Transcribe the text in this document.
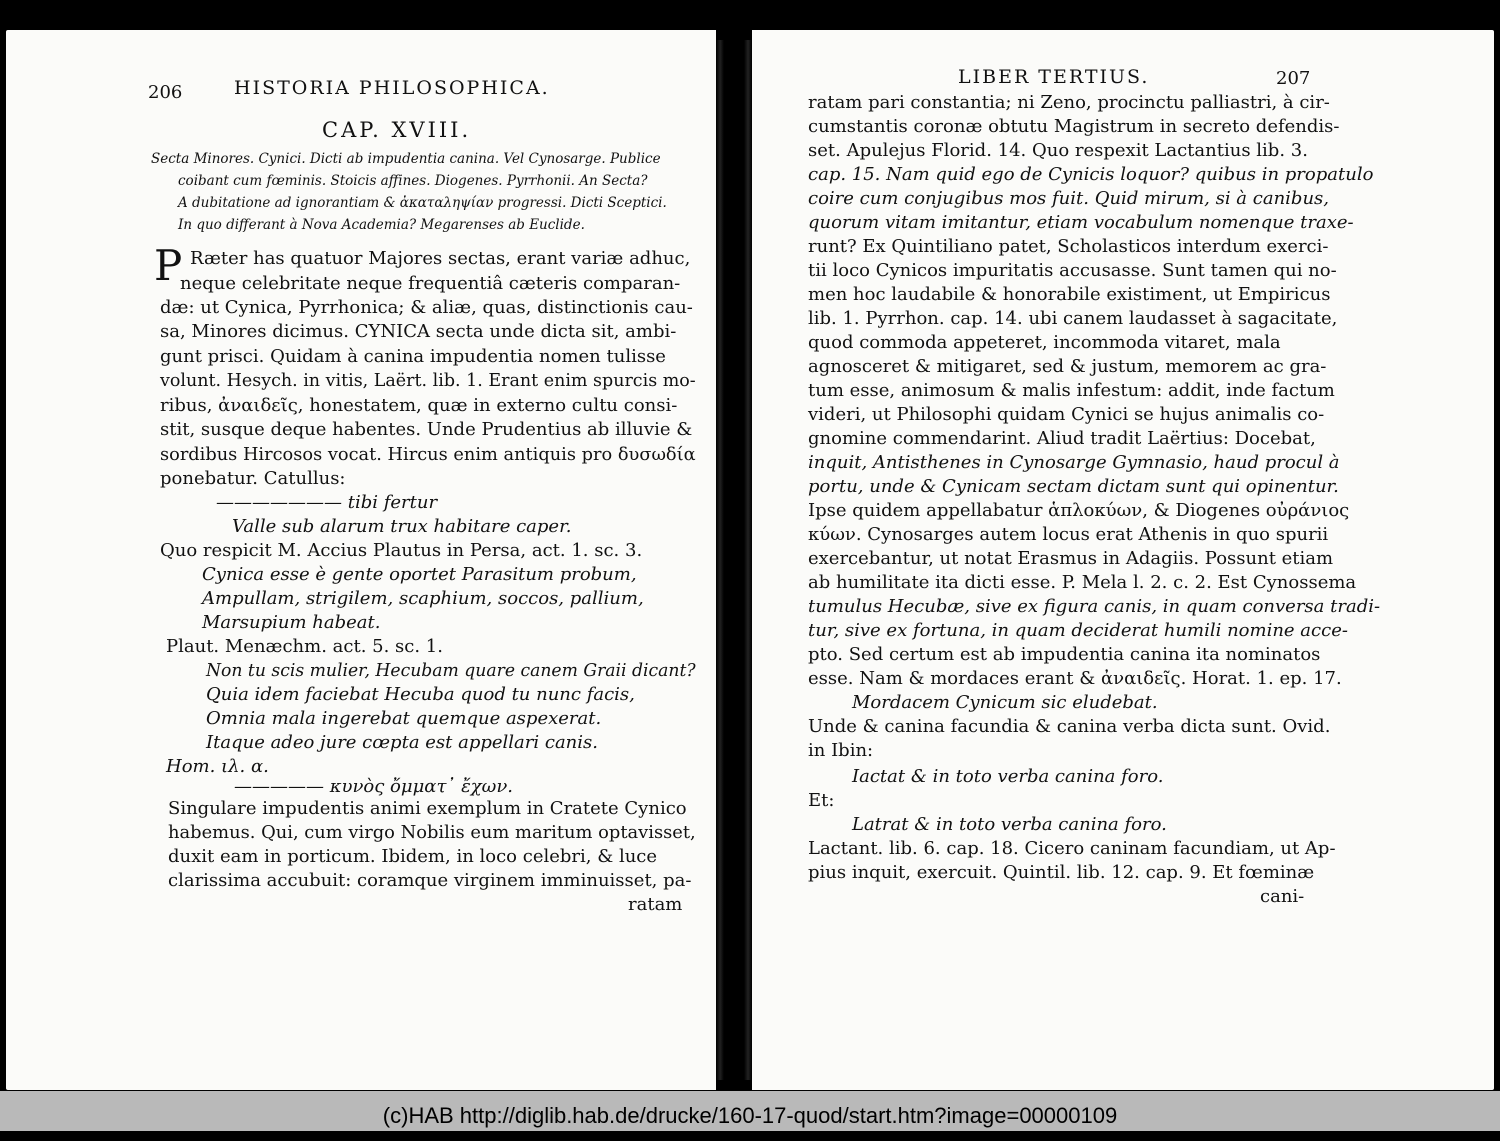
206	HISTORIA PHILOSOPHICA.
CAP. XVIII.
Secta Minores. Cynici. Dicti ab impudentia canina. Vel Cynosarge. Publice
coibant cum fœminis. Stoicis affines. Diogenes. Pyrrhonii. An Secta?
A dubitatione ad ignorantiam & ἀκαταληψίαν progressi. Dicti Sceptici.
In quo differant à Nova Academia? Megarenses ab Euclide.
P Ræter has quatuor Majores sectas, erant variæ adhuc,
neque celebritate neque frequentiâ cæteris comparan-
dæ: ut Cynica, Pyrrhonica; & aliæ, quas, distinctionis cau-
sa, Minores dicimus. CYNICA secta unde dicta sit, ambi-
gunt prisci. Quidam à canina impudentia nomen tulisse
volunt. Hesych. in vitis, Laërt. lib. 1. Erant enim spurcis mo-
ribus, ἀναιδεῖς, honestatem, quæ in externo cultu consi-
stit, susque deque habentes. Unde Prudentius ab illuvie &
sordibus Hircosos vocat. Hircus enim antiquis pro δυσωδία
ponebatur. Catullus:
——————— tibi fertur
Valle sub alarum trux habitare caper.
Quo respicit M. Accius Plautus in Persa, act. 1. sc. 3.
Cynica esse è gente oportet Parasitum probum,
Ampullam, strigilem, scaphium, soccos, pallium,
Marsupium habeat.
Plaut. Menæchm. act. 5. sc. 1.
Non tu scis mulier, Hecubam quare canem Graii dicant?
Quia idem faciebat Hecuba quod tu nunc facis,
Omnia mala ingerebat quemque aspexerat.
Itaque adeo jure cœpta est appellari canis.
Hom. ιλ. α.
————— κυνὸς ὄμματ᾽ ἔχων.
Singulare impudentis animi exemplum in Cratete Cynico
habemus. Qui, cum virgo Nobilis eum maritum optavisset,
duxit eam in porticum. Ibidem, in loco celebri, & luce
clarissima accubuit: coramque virginem imminuisset, pa-
ratam
LIBER TERTIUS.	207
ratam pari constantia; ni Zeno, procinctu palliastri, à cir-
cumstantis coronæ obtutu Magistrum in secreto defendis-
set. Apulejus Florid. 14. Quo respexit Lactantius lib. 3.
cap. 15. Nam quid ego de Cynicis loquor? quibus in propatulo
coire cum conjugibus mos fuit. Quid mirum, si à canibus,
quorum vitam imitantur, etiam vocabulum nomenque traxe-
runt? Ex Quintiliano patet, Scholasticos interdum exerci-
tii loco Cynicos impuritatis accusasse. Sunt tamen qui no-
men hoc laudabile & honorabile existiment, ut Empiricus
lib. 1. Pyrrhon. cap. 14. ubi canem laudasset à sagacitate,
quod commoda appeteret, incommoda vitaret, mala
agnosceret & mitigaret, sed & justum, memorem ac gra-
tum esse, animosum & malis infestum: addit, inde factum
videri, ut Philosophi quidam Cynici se hujus animalis co-
gnomine commendarint. Aliud tradit Laërtius: Docebat,
inquit, Antisthenes in Cynosarge Gymnasio, haud procul à
portu, unde & Cynicam sectam dictam sunt qui opinentur.
Ipse quidem appellabatur ἁπλοκύων, & Diogenes οὐράνιος
κύων. Cynosarges autem locus erat Athenis in quo spurii
exercebantur, ut notat Erasmus in Adagiis. Possunt etiam
ab humilitate ita dicti esse. P. Mela l. 2. c. 2. Est Cynossema
tumulus Hecubæ, sive ex figura canis, in quam conversa tradi-
tur, sive ex fortuna, in quam deciderat humili nomine acce-
pto. Sed certum est ab impudentia canina ita nominatos
esse. Nam & mordaces erant & ἀναιδεῖς. Horat. 1. ep. 17.
Mordacem Cynicum sic eludebat.
Unde & canina facundia & canina verba dicta sunt. Ovid.
in Ibin:
Iactat & in toto verba canina foro.
Et:
Latrat & in toto verba canina foro.
Lactant. lib. 6. cap. 18. Cicero caninam facundiam, ut Ap-
pius inquit, exercuit. Quintil. lib. 12. cap. 9. Et fœminæ
cani-
(c)HAB http://diglib.hab.de/drucke/160-17-quod/start.htm?image=00000109
